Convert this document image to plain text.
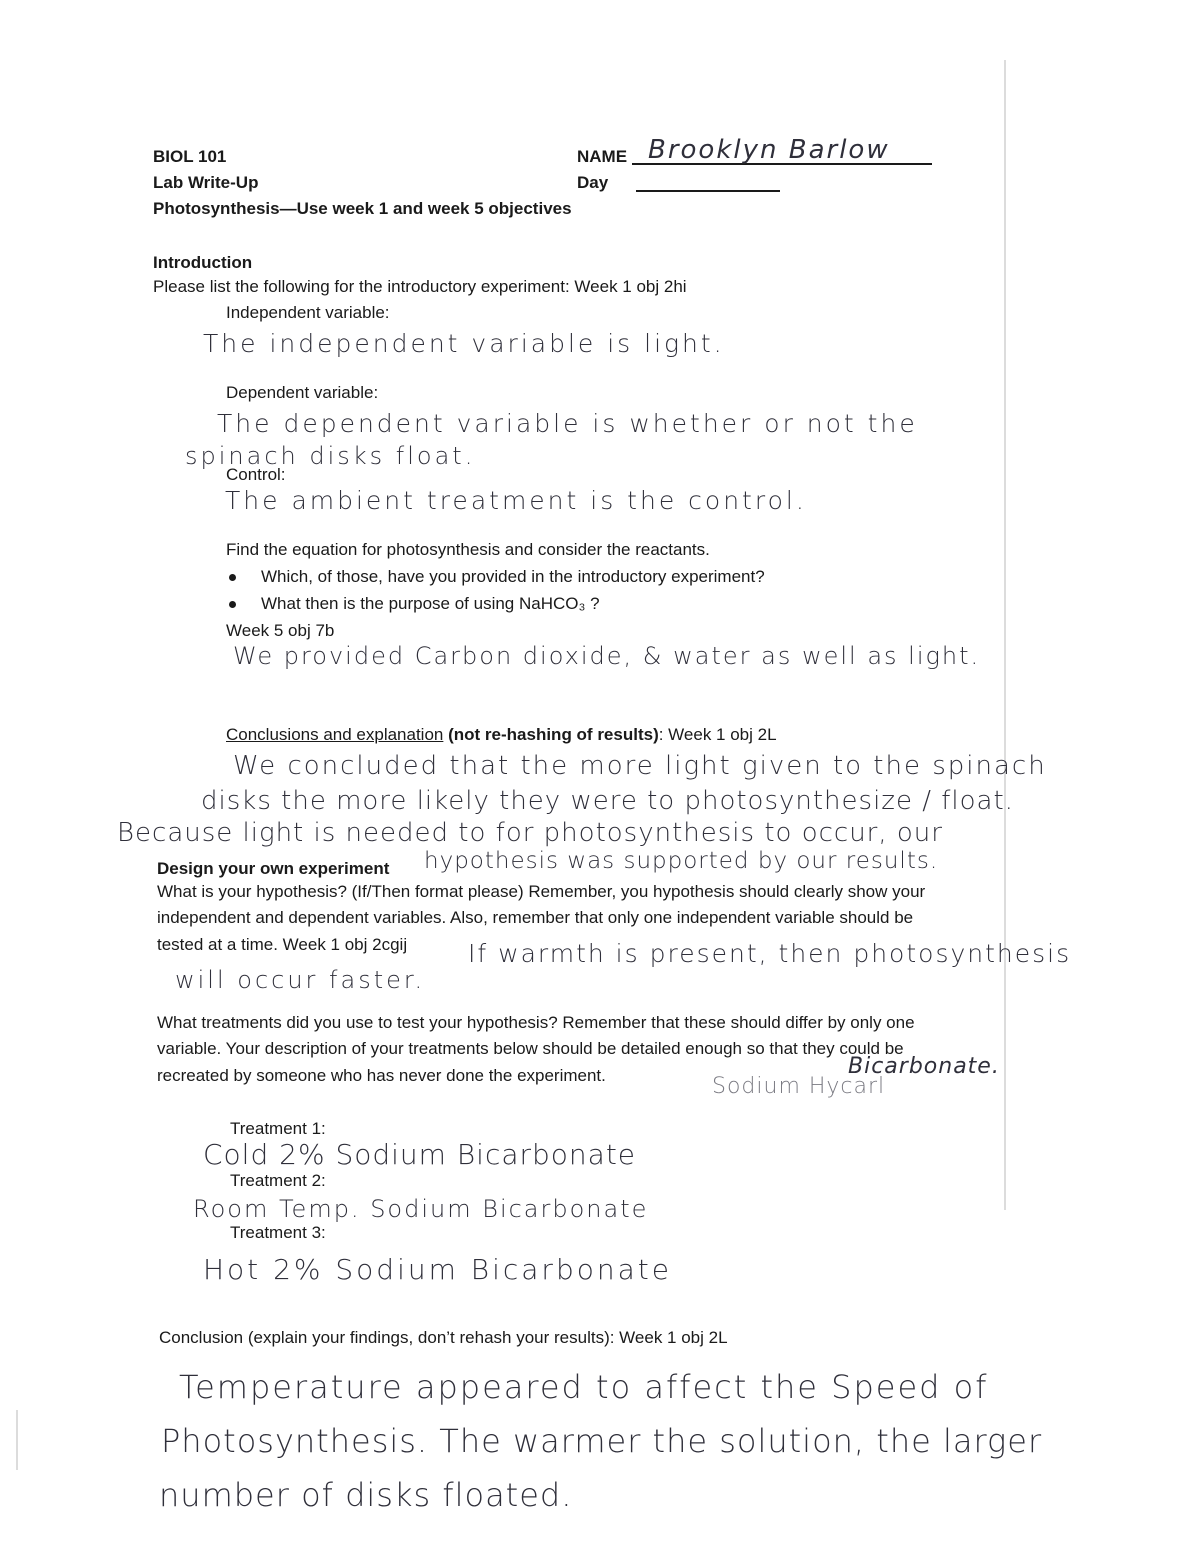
BIOL 101
Lab Write-Up
Photosynthesis—Use week 1 and week 5 objectives
NAME Brooklyn Barlow
Day
Introduction
Please list the following for the introductory experiment: Week 1 obj 2hi
Independent variable:
The independent variable is light.
Dependent variable:
The dependent variable is whether or not the
spinach disks float.
Control:
The ambient treatment is the control.
Find the equation for photosynthesis and consider the reactants.
Which, of those, have you provided in the introductory experiment?
What then is the purpose of using NaHCO₃ ?
Week 5 obj 7b
We provided Carbon dioxide, & water as well as light.
Conclusions and explanation (not re-hashing of results): Week 1 obj 2L
We concluded that the more light given to the spinach
disks the more likely they were to photosynthesize / float.
Because light is needed to for photosynthesis to occur, our
Design your own experiment hypothesis was supported by our results.
What is your hypothesis? (If/Then format please) Remember, you hypothesis should clearly show your
independent and dependent variables. Also, remember that only one independent variable should be
tested at a time. Week 1 obj 2cgij If warmth is present, then photosynthesis
will occur faster.
What treatments did you use to test your hypothesis? Remember that these should differ by only one
variable. Your description of your treatments below should be detailed enough so that they could be
recreated by someone who has never done the experiment.	Bicarbonate.
Sodium Hycarl
Treatment 1:
Cold 2% Sodium Bicarbonate
Treatment 2:
Room Temp. Sodium Bicarbonate
Treatment 3:
Hot 2% Sodium Bicarbonate
Conclusion (explain your findings, don’t rehash your results): Week 1 obj 2L
Temperature appeared to affect the Speed of
Photosynthesis. The warmer the solution, the larger
number of disks floated.
